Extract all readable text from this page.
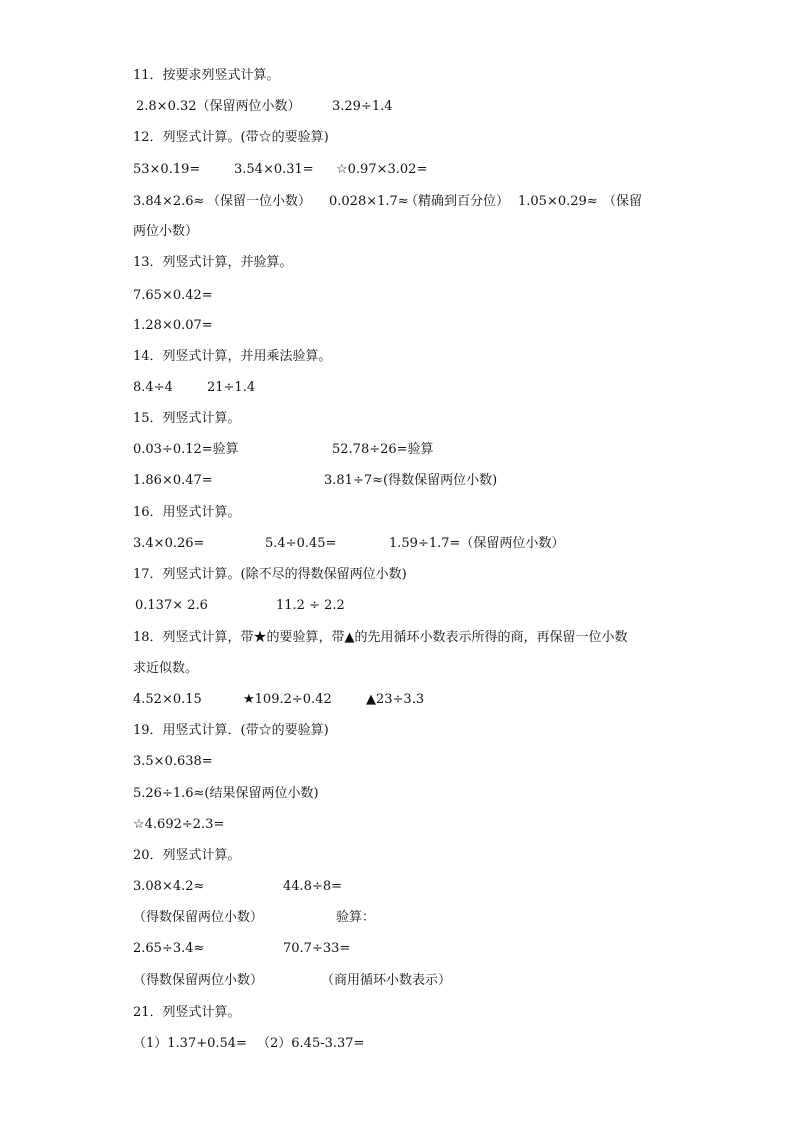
11．按要求列竖式计算。
2.8×0.32（保留两位小数） 3.29÷1.4
12．列竖式计算。(带☆的要验算)
53×0.19=	3.54×0.31= ☆0.97×3.02=
3.84×2.6≈ （保留一位小数） 0.028×1.7≈
（精确到百分位） 1.05×0.29≈ （保留
两位小数）
13．列竖式计算，并验算。
7.65×0.42=
1.28×0.07=
14．列竖式计算，并用乘法验算。
8.4÷4	21÷1.4
15．列竖式计算。
0.03÷0.12=验算	52.78÷26=验算
1.86×0.47=	3.81÷7≈(得数保留两位小数)
16．用竖式计算。
3.4×0.26=	5.4÷0.45=	1.59÷1.7=（保留两位小数）
17．列竖式计算。(除不尽的得数保留两位小数)
0.137× 2.6	11.2 ÷ 2.2
18．列竖式计算，带★的要验算，带▲的先用循环小数表示所得的商，再保留一位小数
求近似数。
4.52×0.15	★109.2÷0.42	▲23÷3.3
19．用竖式计算．(带☆的要验算)
3.5×0.638=
5.26÷1.6≈(结果保留两位小数)
☆4.692÷2.3=
20．列竖式计算。
3.08×4.2≈	44.8÷8=
（得数保留两位小数）	验算：
2.65÷3.4≈	70.7÷33=
（得数保留两位小数）	（商用循环小数表示）
21．列竖式计算。
（1）1.37+0.54= （2）6.45-3.37=
